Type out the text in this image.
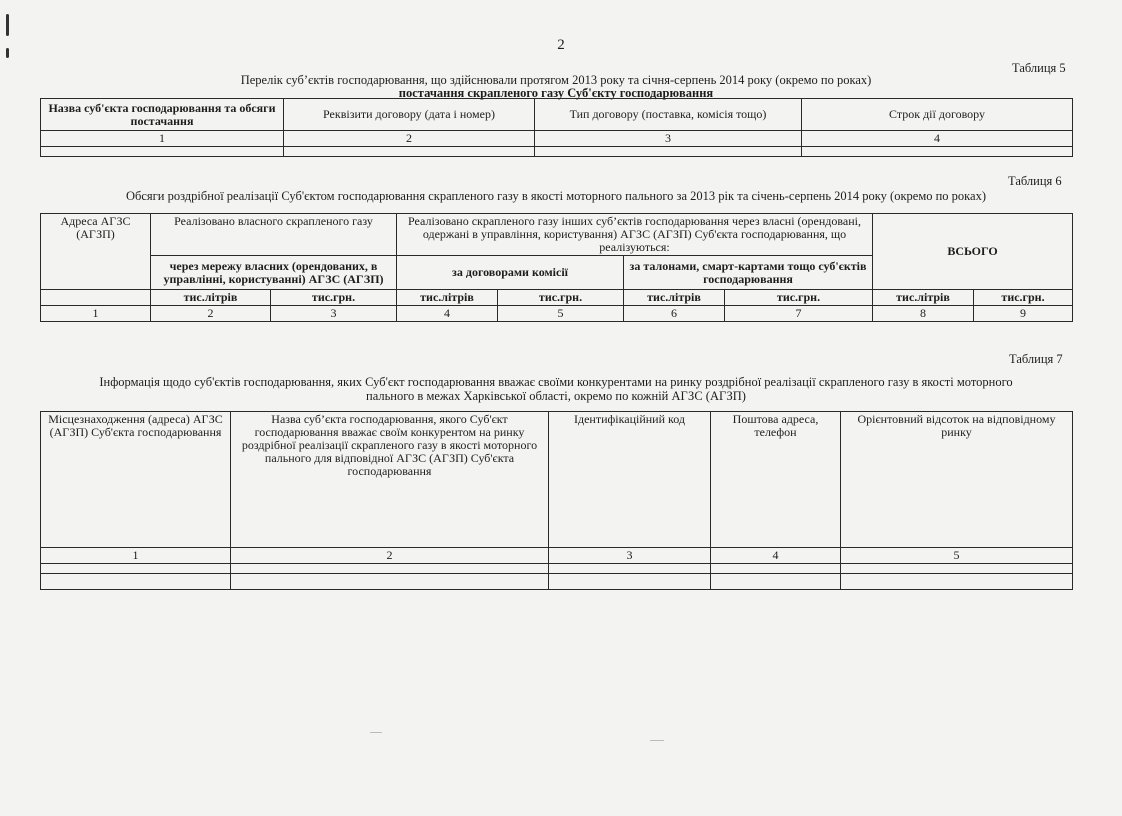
2
Таблиця 5
Перелік суб’єктів господарювання, що здійснювали протягом 2013 року та січня-серпень 2014 року (окремо по роках)
постачання скрапленого газу Суб'єкту господарювання
Назва суб'єкта господарювання та обсяги постачання	Реквізити договору (дата і номер)	Тип договору (поставка, комісія тощо)	Строк дії договору
1	2	3	4

Таблиця 6
Обсяги роздрібної реалізації Суб'єктом господарювання скрапленого газу в якості моторного пального за 2013 рік та січень-серпень 2014 року (окремо по роках)
Адреса АГЗС (АГЗП)	Реалізовано власного скрапленого газу		Реалізовано скрапленого газу інших суб’єктів господарювання через власні (орендовані, одержані в управління, користування) АГЗС (АГЗП) Суб'єкта господарювання, що реалізуються:				ВСЬОГО	
	через мережу власних (орендованих, в управлінні, користуванні) АГЗС (АГЗП)		за договорами комісії		за талонами, смарт-картами тощо суб'єктів господарювання			
	тис.літрів	тис.грн.	тис.літрів	тис.грн.	тис.літрів	тис.грн.	тис.літрів	тис.грн.
1	2	3	4	5	6	7	8	9
Таблиця 7
Інформація щодо суб'єктів господарювання, яких Суб'єкт господарювання вважає своїми конкурентами на ринку роздрібної реалізації скрапленого газу в якості моторного
пального в межах Харківської області, окремо по кожній АГЗС (АГЗП)
Місцезнаходження (адреса) АГЗС (АГЗП) Суб'єкта господарювання	Назва суб’єкта господарювання, якого Суб'єкт господарювання вважає своїм конкурентом на ринку роздрібної реалізації скрапленого газу в якості моторного пального для відповідної АГЗС (АГЗП) Суб'єкта господарювання	Ідентифікаційний код	Поштова адреса, телефон	Орієнтовний відсоток на відповідному ринку
1	2	3	4	5
